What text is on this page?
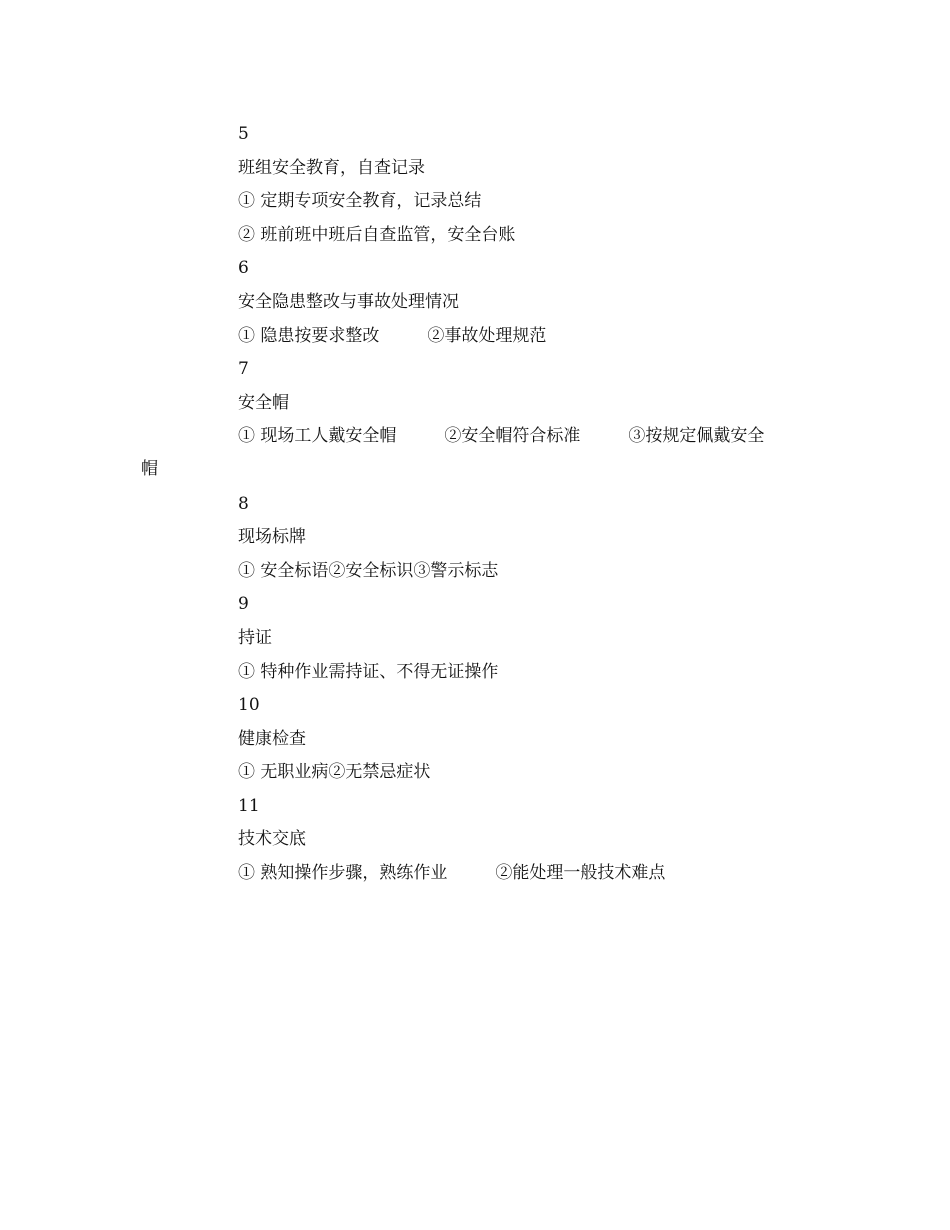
5
班组安全教育，自查记录
① 定期专项安全教育，记录总结
② 班前班中班后自查监管，安全台账
6
安全隐患整改与事故处理情况
① 隐患按要求整改	②事故处理规范
7
安全帽
① 现场工人戴安全帽	②安全帽符合标准	③按规定佩戴安全
8
现场标牌
① 安全标语②安全标识③警示标志
9
持证
① 特种作业需持证、不得无证操作
10
健康检查
① 无职业病②无禁忌症状
11
技术交底
① 熟知操作步骤，熟练作业	②能处理一般技术难点
帽
